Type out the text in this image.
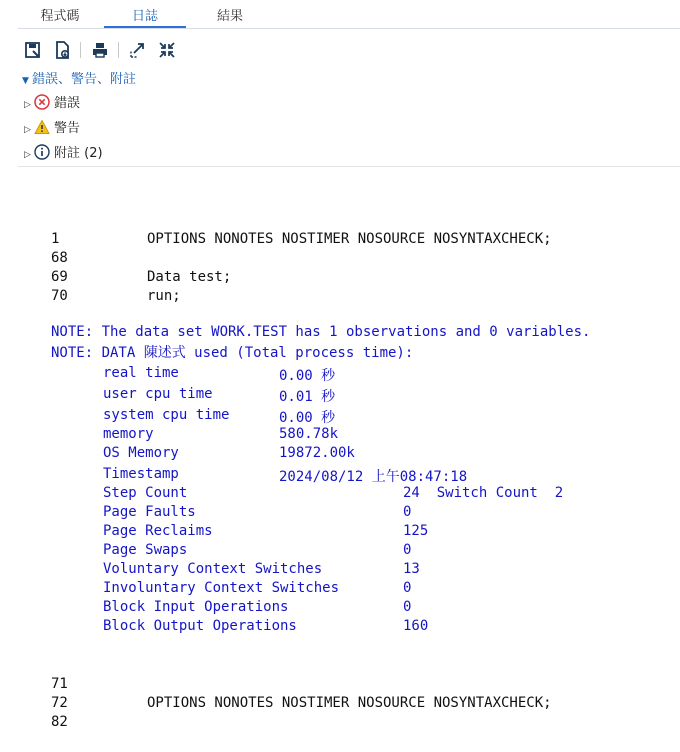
程式碼	日誌	結果
▼ 錯誤、警告、附註
▷ 錯誤
▷ 警告
▷ 附註 (2)
1	OPTIONS NONOTES NOSTIMER NOSOURCE NOSYNTAXCHECK;
68
69	Data test;
70	run;
NOTE: The data set WORK.TEST has 1 observations and 0 variables.
NOTE: DATA 陳述式 used (Total process time):
real time	0.00 秒
user cpu time	0.01 秒
system cpu time	0.00 秒
memory	580.78k
OS Memory	19872.00k
Timestamp	2024/08/12 上午08:47:18
Step Count	24  Switch Count  2
Page Faults	0
Page Reclaims	125
Page Swaps	0
Voluntary Context Switches	13
Involuntary Context Switches	0
Block Input Operations	0
Block Output Operations	160
71
72	OPTIONS NONOTES NOSTIMER NOSOURCE NOSYNTAXCHECK;
82
